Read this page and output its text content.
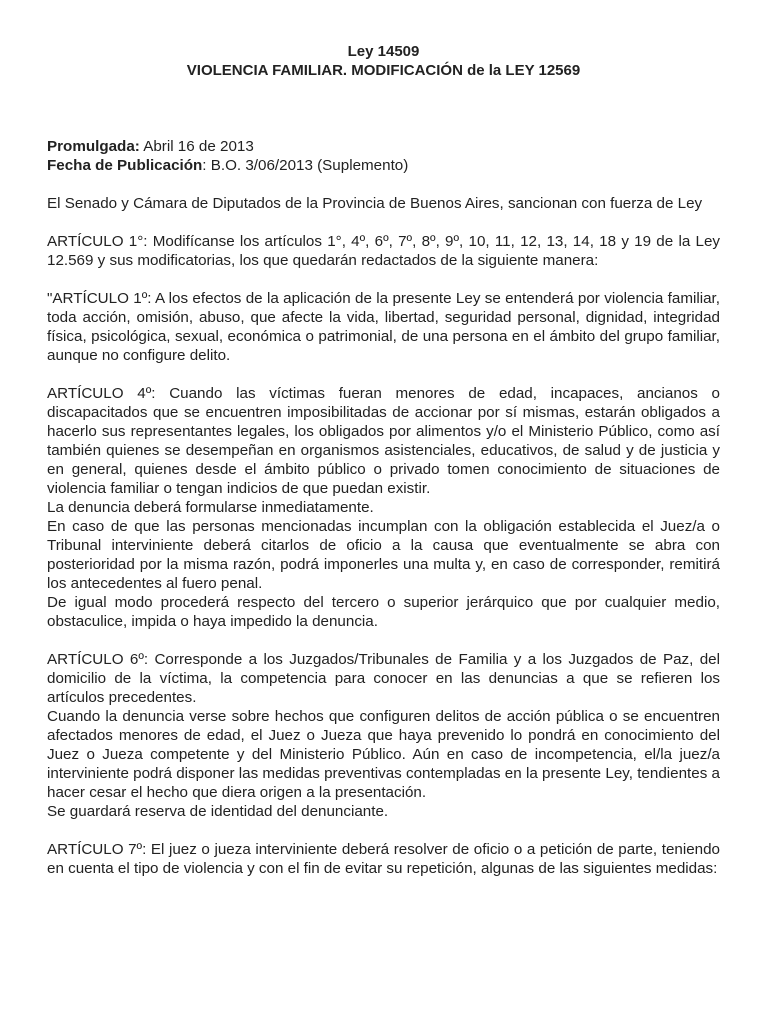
Ley 14509
VIOLENCIA FAMILIAR. MODIFICACIÓN de la LEY 12569

Promulgada: Abril 16 de 2013

Fecha de Publicación: B.O. 3/06/2013 (Suplemento)

El Senado y Cámara de Diputados de la Provincia de Buenos Aires, sancionan con fuerza de Ley

ARTÍCULO 1°: Modifícanse los artículos 1°, 4º, 6º, 7º, 8º, 9º, 10, 11, 12, 13, 14, 18 y 19 de la Ley 12.569 y sus modificatorias, los que quedarán redactados de la siguiente manera:

"ARTÍCULO 1º: A los efectos de la aplicación de la presente Ley se entenderá por violencia familiar, toda acción, omisión, abuso, que afecte la vida, libertad, seguridad personal, dignidad, integridad física, psicológica, sexual, económica o patrimonial, de una persona en el ámbito del grupo familiar, aunque no configure delito.

ARTÍCULO 4º: Cuando las víctimas fueran menores de edad, incapaces, ancianos o discapacitados que se encuentren imposibilitadas de accionar por sí mismas, estarán obligados a hacerlo sus representantes legales, los obligados por alimentos y/o el Ministerio Público, como así también quienes se desempeñan en organismos asistenciales, educativos, de salud y de justicia y en general, quienes desde el ámbito público o privado tomen conocimiento de situaciones de violencia familiar o tengan indicios de que puedan existir.

La denuncia deberá formularse inmediatamente.

En caso de que las personas mencionadas incumplan con la obligación establecida el Juez/a o Tribunal interviniente deberá citarlos de oficio a la causa que eventualmente se abra con posterioridad por la misma razón, podrá imponerles una multa y, en caso de corresponder, remitirá los antecedentes al fuero penal.

De igual modo procederá respecto del tercero o superior jerárquico que por cualquier medio, obstaculice, impida o haya impedido la denuncia.

ARTÍCULO 6º: Corresponde a los Juzgados/Tribunales de Familia y a los Juzgados de Paz, del domicilio de la víctima, la competencia para conocer en las denuncias a que se refieren los artículos precedentes.

Cuando la denuncia verse sobre hechos que configuren delitos de acción pública o se encuentren afectados menores de edad, el Juez o Jueza que haya prevenido lo pondrá en conocimiento del Juez o Jueza competente y del Ministerio Público. Aún en caso de incompetencia, el/la juez/a interviniente podrá disponer las medidas preventivas contempladas en la presente Ley, tendientes a hacer cesar el hecho que diera origen a la presentación.

Se guardará reserva de identidad del denunciante.

ARTÍCULO 7º: El juez o jueza interviniente deberá resolver de oficio o a petición de parte, teniendo en cuenta el tipo de violencia y con el fin de evitar su repetición, algunas de las siguientes medidas:
